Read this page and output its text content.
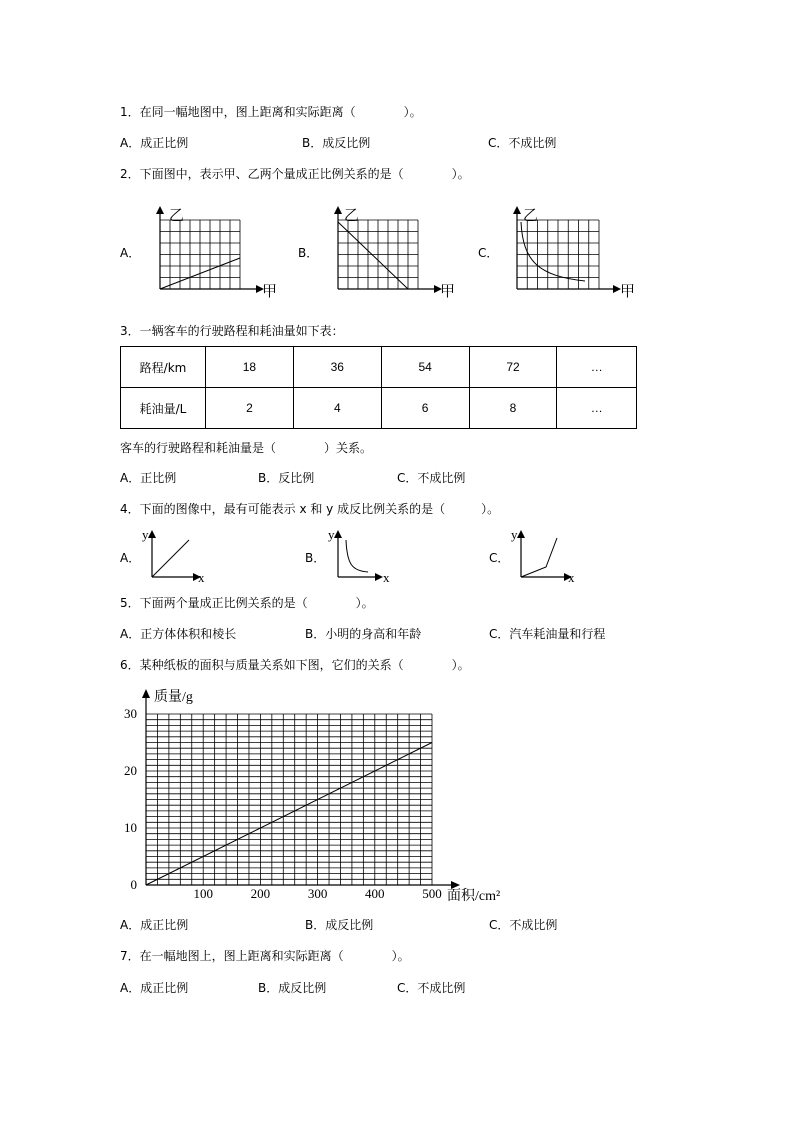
1．在同一幅地图中，图上距离和实际距离（　　　　）。
A．成正比例	B．成反比例	C．不成比例
2．下面图中，表示甲、乙两个量成正比例关系的是（　　　　）。
A．	B．	C．
乙
甲
乙
甲
乙
甲
3．一辆客车的行驶路程和耗油量如下表：
路程/km	18	36	54	72	…
耗油量/L	2	4	6	8	…
客车的行驶路程和耗油量是（　　　　）关系。
A．正比例	B．反比例	C．不成比例
4．下面的图像中，最有可能表示 x 和 y 成反比例关系的是（　　　）。
A．	B．	C．
y
x
y
x
y
x
5．下面两个量成正比例关系的是（　　　　）。
A．正方体体积和棱长	B．小明的身高和年龄	C．汽车耗油量和行程
6．某种纸板的面积与质量关系如下图，它们的关系（　　　　）。
质量/g
面积/cm²
100	200	300	400	500
0
10
20
30
A．成正比例	B．成反比例	C．不成比例
7．在一幅地图上，图上距离和实际距离（　　　　）。
A．成正比例	B．成反比例	C．不成比例
